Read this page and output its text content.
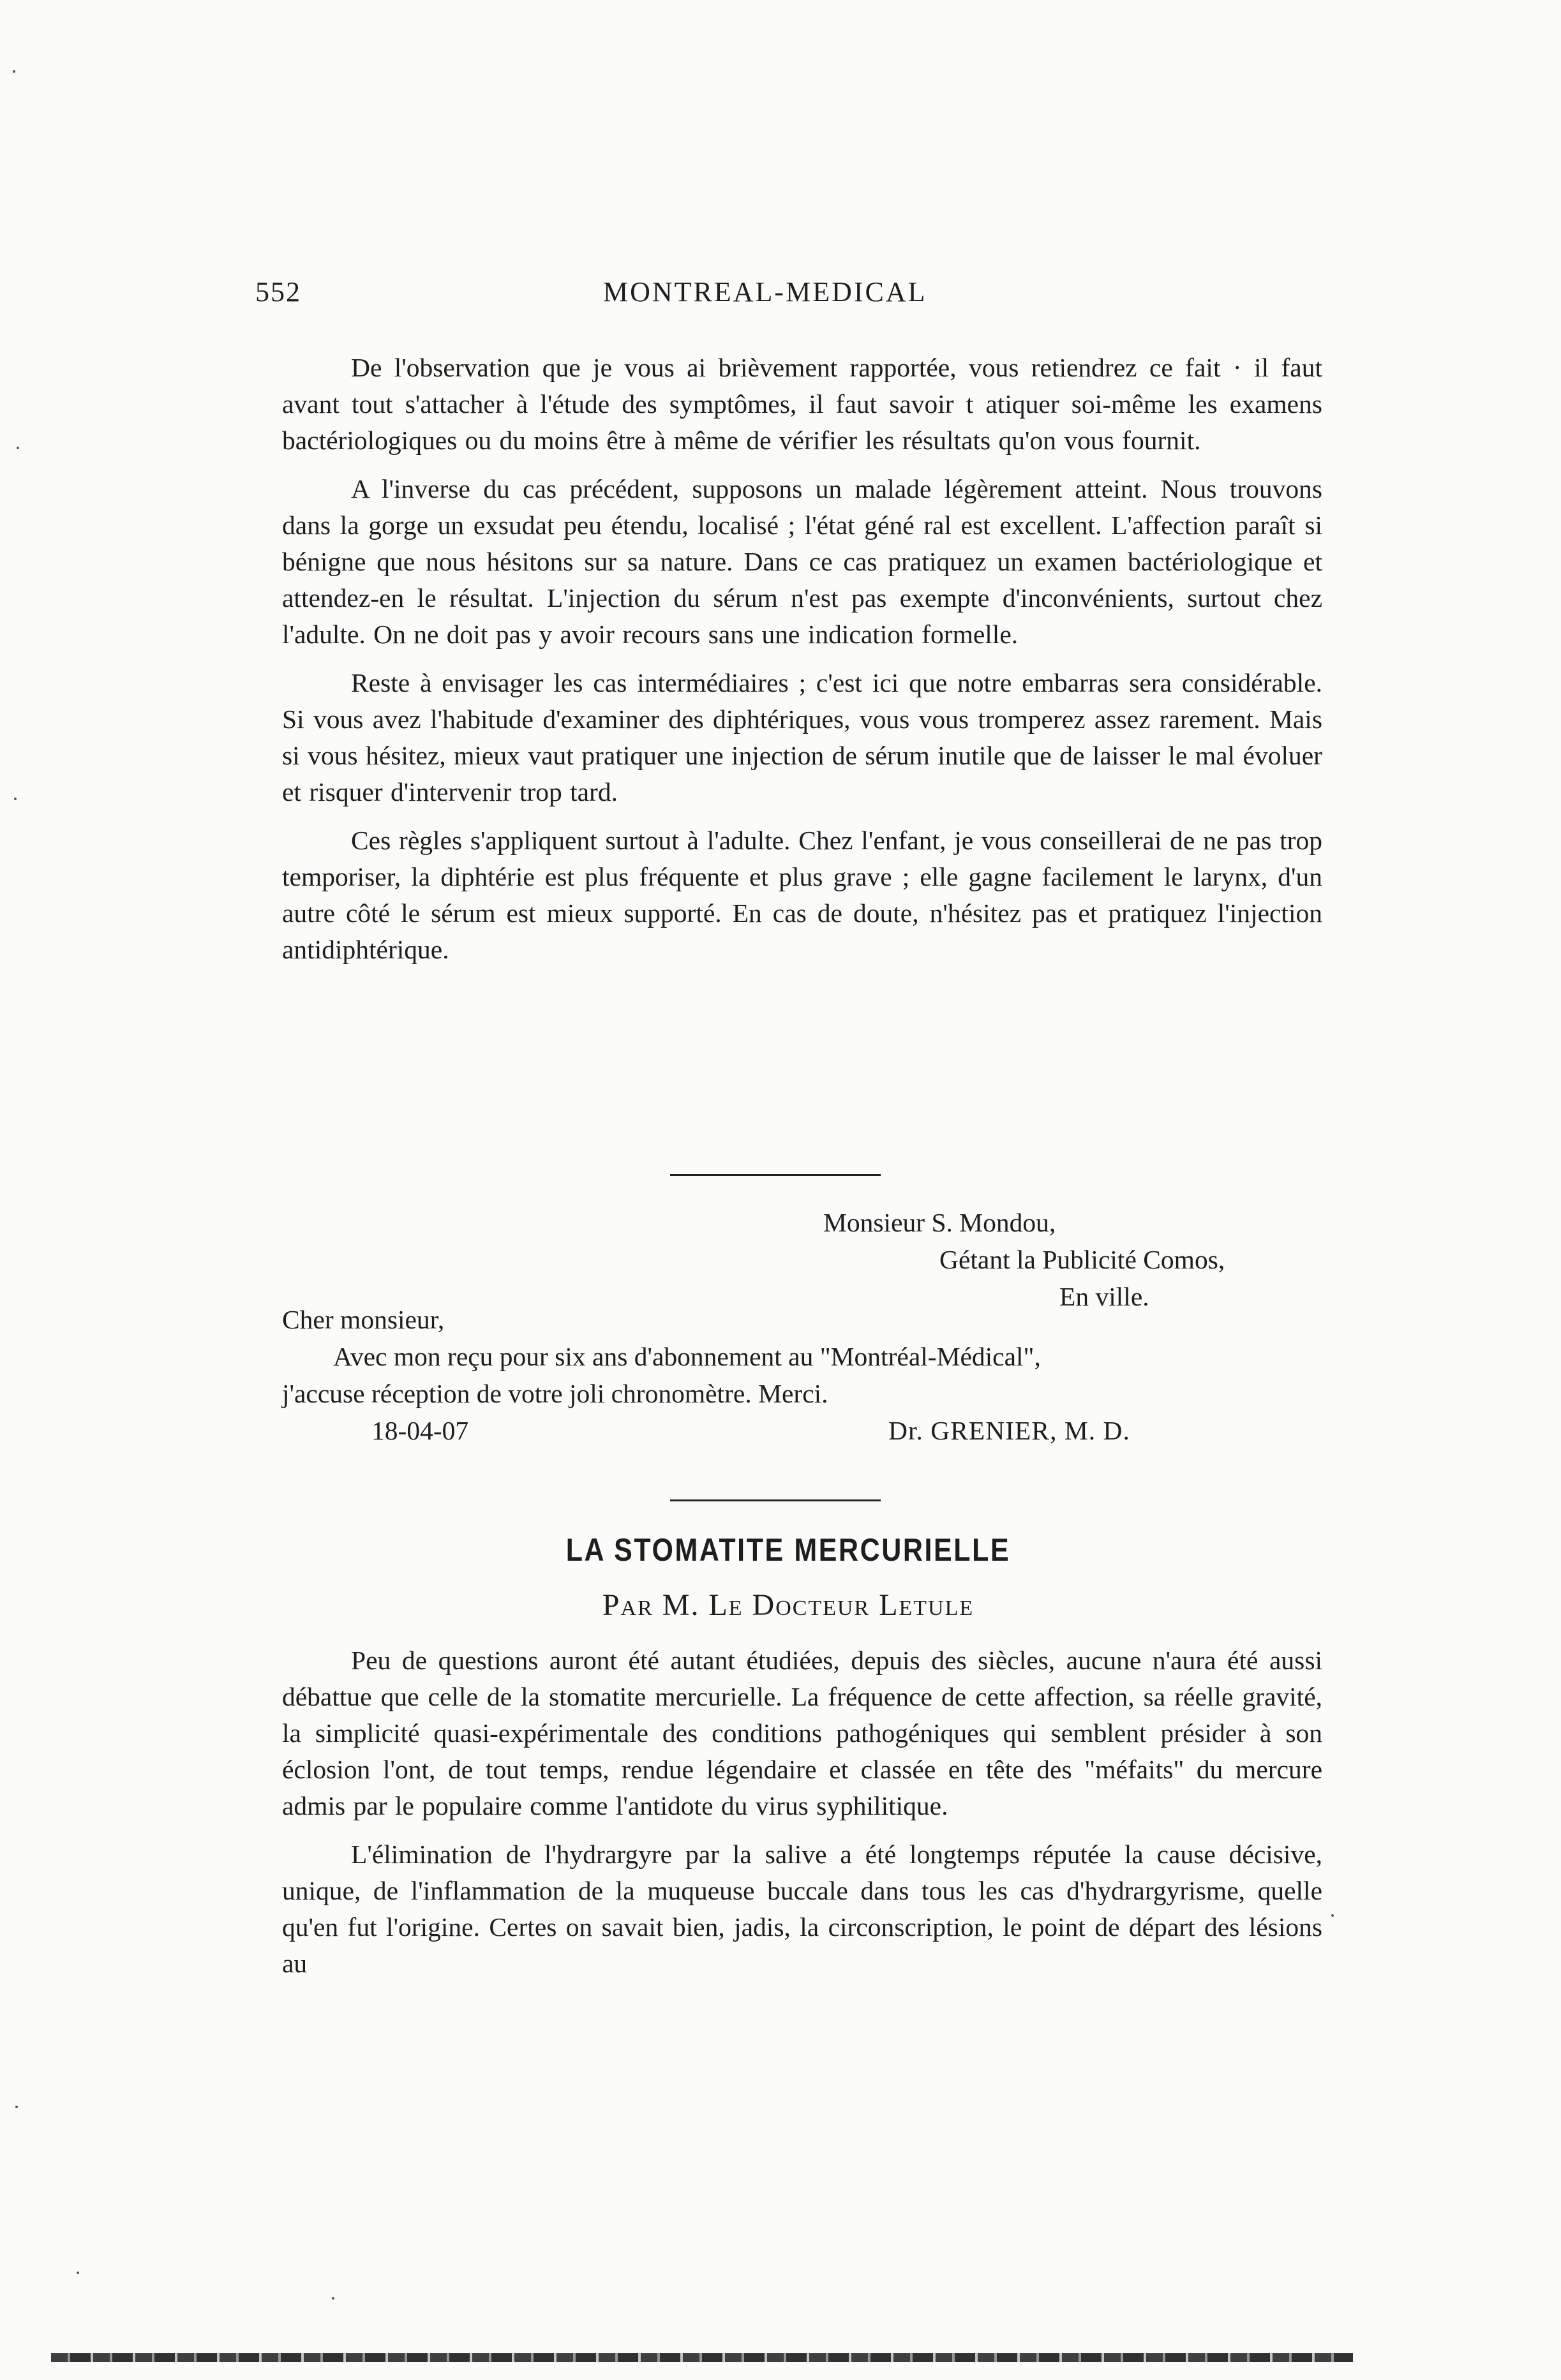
552	MONTREAL-MEDICAL

De l'observation que je vous ai brièvement rapportée, vous retiendrez ce fait · il faut avant tout s'attacher à l'étude des symptômes, il faut savoir t atiquer soi-même les examens bactériologiques ou du moins être à même de vérifier les résultats qu'on vous fournit.

A l'inverse du cas précédent, supposons un malade légèrement atteint. Nous trouvons dans la gorge un exsudat peu étendu, localisé ; l'état géné ral est excellent. L'affection paraît si bénigne que nous hésitons sur sa nature. Dans ce cas pratiquez un examen bactériologique et attendez-en le résultat. L'injection du sérum n'est pas exempte d'inconvénients, surtout chez l'adulte. On ne doit pas y avoir recours sans une indication formelle.

Reste à envisager les cas intermédiaires ; c'est ici que notre embarras sera considérable. Si vous avez l'habitude d'examiner des diphtériques, vous vous tromperez assez rarement. Mais si vous hésitez, mieux vaut pratiquer une injection de sérum inutile que de laisser le mal évoluer et risquer d'intervenir trop tard.

Ces règles s'appliquent surtout à l'adulte. Chez l'enfant, je vous conseillerai de ne pas trop temporiser, la diphtérie est plus fréquente et plus grave ; elle gagne facilement le larynx, d'un autre côté le sérum est mieux supporté. En cas de doute, n'hésitez pas et pratiquez l'injection antidiphtérique.

Monsieur S. Mondou,
Gétant la Publicité Comos,
En ville.
Cher monsieur,
Avec mon reçu pour six ans d'abonnement au "Montréal-Médical",
j'accuse réception de votre joli chronomètre. Merci.
18-04-07	Dr. GRENIER, M. D.
LA STOMATITE MERCURIELLE
Par M. Le Docteur Letule

Peu de questions auront été autant étudiées, depuis des siècles, aucune n'aura été aussi débattue que celle de la stomatite mercurielle. La fréquence de cette affection, sa réelle gravité, la simplicité quasi-expérimentale des conditions pathogéniques qui semblent présider à son éclosion l'ont, de tout temps, rendue légendaire et classée en tête des "méfaits" du mercure admis par le populaire comme l'antidote du virus syphilitique.

L'élimination de l'hydrargyre par la salive a été longtemps réputée la cause décisive, unique, de l'inflammation de la muqueuse buccale dans tous les cas d'hydrargyrisme, quelle qu'en fut l'origine. Certes on savait bien, jadis, la circonscription, le point de départ des lésions au
